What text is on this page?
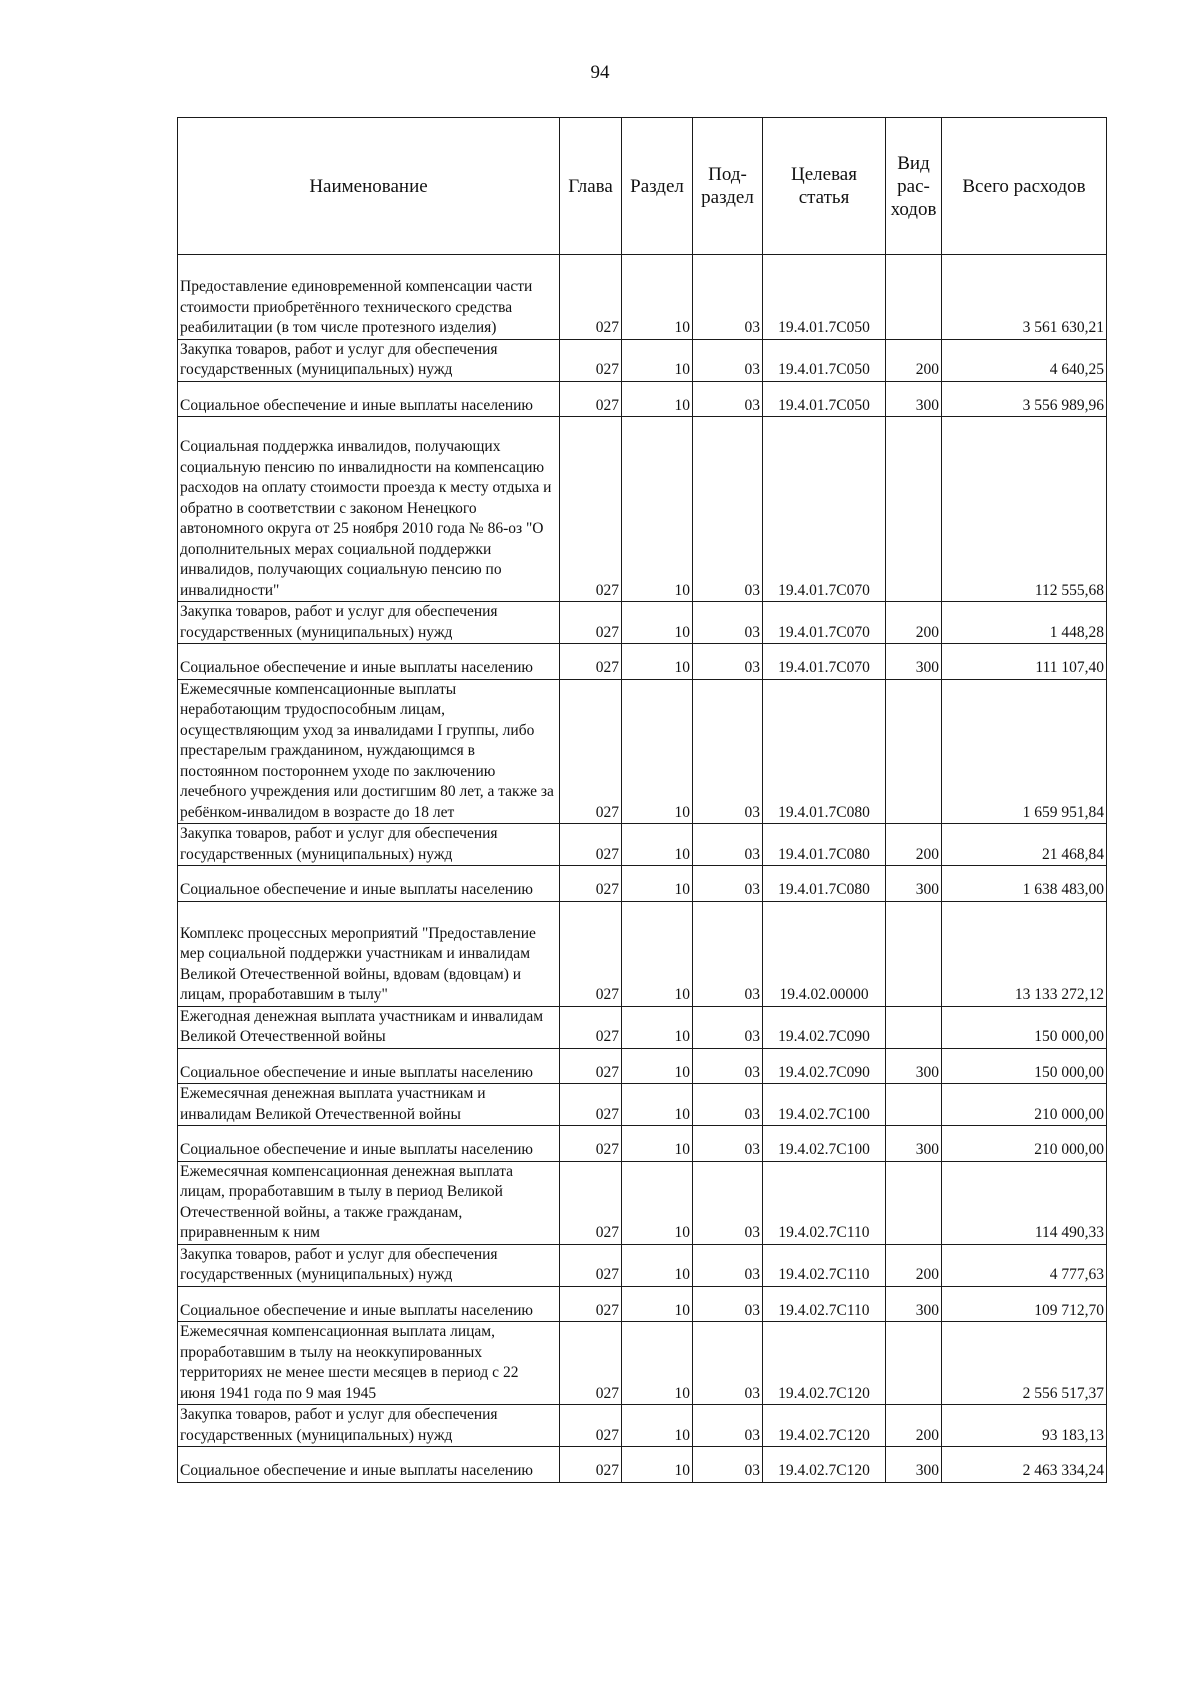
94
Наименование	Глава	Раздел	Под-раздел	Целевая статья	Вид рас-ходов	Всего расходов
Предоставление единовременной компенсации части стоимости приобретённого технического средства реабилитации (в том числе протезного изделия)	027	10	03	19.4.01.7С050		3 561 630,21
Закупка товаров, работ и услуг для обеспечения государственных (муниципальных) нужд	027	10	03	19.4.01.7С050	200	4 640,25
Социальное обеспечение и иные выплаты населению	027	10	03	19.4.01.7С050	300	3 556 989,96
Социальная поддержка инвалидов, получающих социальную пенсию по инвалидности на компенсацию расходов на оплату стоимости проезда к месту отдыха и обратно в соответствии с законом Ненецкого автономного округа от 25 ноября 2010 года № 86-оз "О дополнительных мерах социальной поддержки инвалидов, получающих социальную пенсию по инвалидности"	027	10	03	19.4.01.7С070		112 555,68
Закупка товаров, работ и услуг для обеспечения государственных (муниципальных) нужд	027	10	03	19.4.01.7С070	200	1 448,28
Социальное обеспечение и иные выплаты населению	027	10	03	19.4.01.7С070	300	111 107,40
Ежемесячные компенсационные выплаты неработающим трудоспособным лицам, осуществляющим уход за инвалидами I группы, либо престарелым гражданином, нуждающимся в постоянном постороннем уходе по заключению лечебного учреждения или достигшим 80 лет, а также за ребёнком-инвалидом в возрасте до 18 лет	027	10	03	19.4.01.7С080		1 659 951,84
Закупка товаров, работ и услуг для обеспечения государственных (муниципальных) нужд	027	10	03	19.4.01.7С080	200	21 468,84
Социальное обеспечение и иные выплаты населению	027	10	03	19.4.01.7С080	300	1 638 483,00
Комплекс процессных мероприятий "Предоставление мер социальной поддержки участникам и инвалидам Великой Отечественной войны, вдовам (вдовцам) и лицам, проработавшим в тылу"	027	10	03	19.4.02.00000		13 133 272,12
Ежегодная денежная выплата участникам и инвалидам Великой Отечественной войны	027	10	03	19.4.02.7С090		150 000,00
Социальное обеспечение и иные выплаты населению	027	10	03	19.4.02.7С090	300	150 000,00
Ежемесячная денежная выплата участникам и инвалидам Великой Отечественной войны	027	10	03	19.4.02.7С100		210 000,00
Социальное обеспечение и иные выплаты населению	027	10	03	19.4.02.7С100	300	210 000,00
Ежемесячная компенсационная денежная выплата лицам, проработавшим в тылу в период Великой Отечественной войны, а также гражданам, приравненным к ним	027	10	03	19.4.02.7С110		114 490,33
Закупка товаров, работ и услуг для обеспечения государственных (муниципальных) нужд	027	10	03	19.4.02.7С110	200	4 777,63
Социальное обеспечение и иные выплаты населению	027	10	03	19.4.02.7С110	300	109 712,70
Ежемесячная компенсационная выплата лицам, проработавшим в тылу на неоккупированных территориях не менее шести месяцев в период с 22 июня 1941 года по 9 мая 1945	027	10	03	19.4.02.7С120		2 556 517,37
Закупка товаров, работ и услуг для обеспечения государственных (муниципальных) нужд	027	10	03	19.4.02.7С120	200	93 183,13
Социальное обеспечение и иные выплаты населению	027	10	03	19.4.02.7С120	300	2 463 334,24
